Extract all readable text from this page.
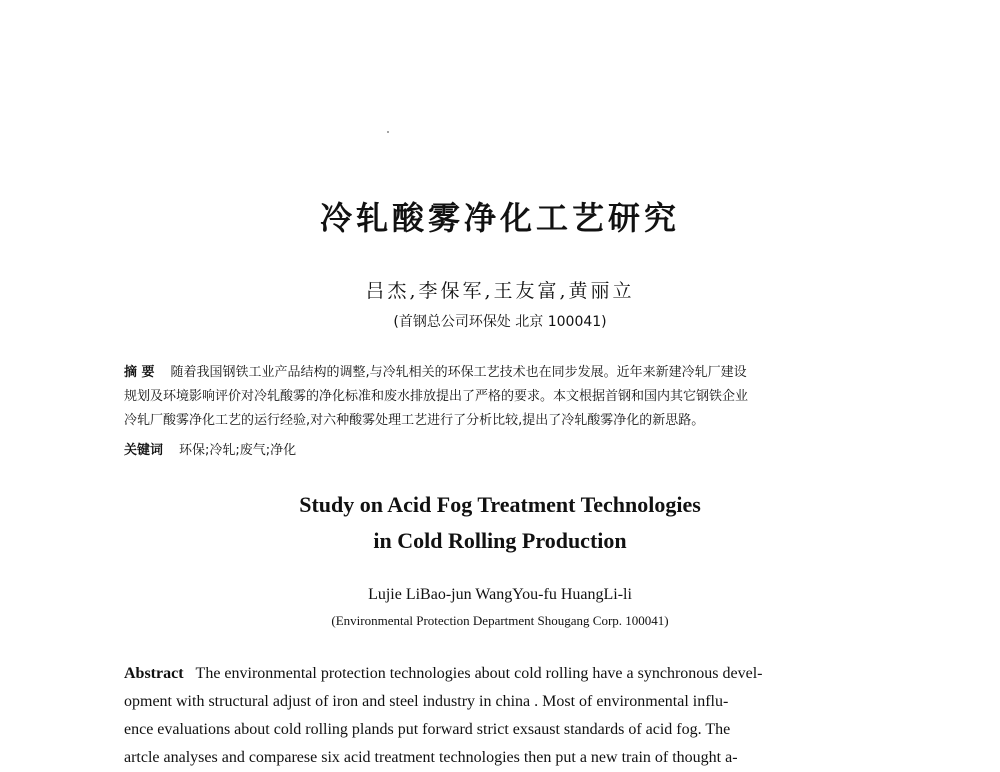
冷轧酸雾净化工艺研究
吕杰,李保军,王友富,黄丽立
(首钢总公司环保处 北京 100041)
摘 要 随着我国钢铁工业产品结构的调整,与冷轧相关的环保工艺技术也在同步发展。近年来新建冷轧厂建设
规划及环境影响评价对冷轧酸雾的净化标准和废水排放提出了严格的要求。本文根据首钢和国内其它钢铁企业
冷轧厂酸雾净化工艺的运行经验,对六种酸雾处理工艺进行了分析比较,提出了冷轧酸雾净化的新思路。
关键词 环保;冷轧;废气;净化
Study on Acid Fog Treatment Technologies
in Cold Rolling Production
Lujie LiBao-jun WangYou-fu HuangLi-li
(Environmental Protection Department Shougang Corp. 100041)
Abstract The environmental protection technologies about cold rolling have a synchronous devel-
opment with structural adjust of iron and steel industry in china . Most of environmental influ-
ence evaluations about cold rolling plands put forward strict exsaust standards of acid fog. The
artcle analyses and comparese six acid treatment technologies then put a new train of thought a-
